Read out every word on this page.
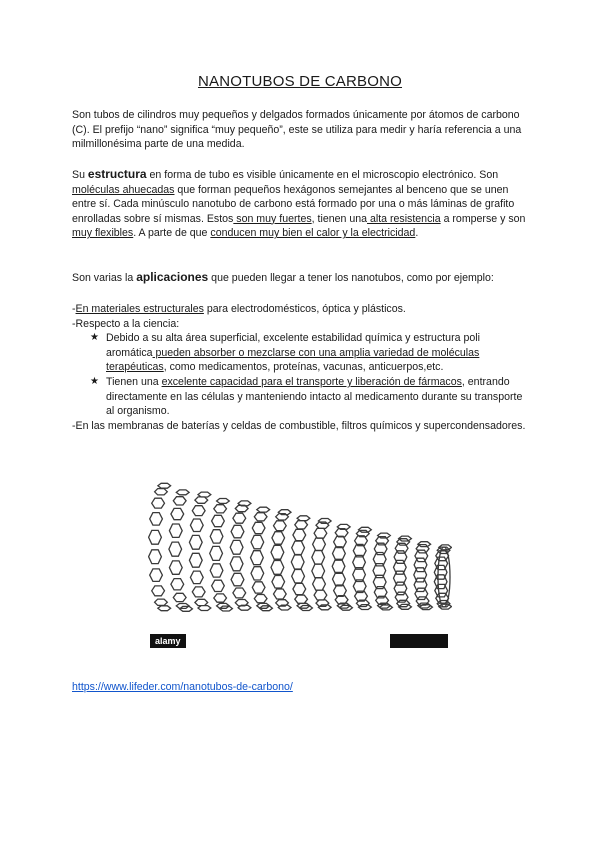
NANOTUBOS DE CARBONO

Son tubos de cilindros muy pequeños y delgados formados únicamente por átomos de carbono (C). El prefijo “nano” significa “muy pequeño”, este se utiliza para medir y haría referencia a una milmillonésima parte de una medida.

Su estructura en forma de tubo es visible únicamente en el microscopio electrónico. Son moléculas ahuecadas que forman pequeños hexágonos semejantes al benceno que se unen entre sí. Cada minúsculo nanotubo de carbono está formado por una o más láminas de grafito enrolladas sobre sí mismas. Estos son muy fuertes, tienen una alta resistencia a romperse y son muy flexibles. A parte de que conducen muy bien el calor y la electricidad.

Son varias la aplicaciones que pueden llegar a tener los nanotubos, como por ejemplo:

-En materiales estructurales para electrodomésticos, óptica y plásticos.
-Respecto a la ciencia:
★ Debido a su alta área superficial, excelente estabilidad química y estructura poli aromática pueden absorber o mezclarse con una amplia variedad de moléculas terapéuticas, como medicamentos, proteínas, vacunas, anticuerpos,etc.
★ Tienen una excelente capacidad para el transporte y liberación de fármacos, entrando directamente en las células y manteniendo intacto al medicamento durante su transporte al organismo.
-En las membranas de baterías y celdas de combustible, filtros químicos y supercondensadores.
alamy
https://www.lifeder.com/nanotubos-de-carbono/
